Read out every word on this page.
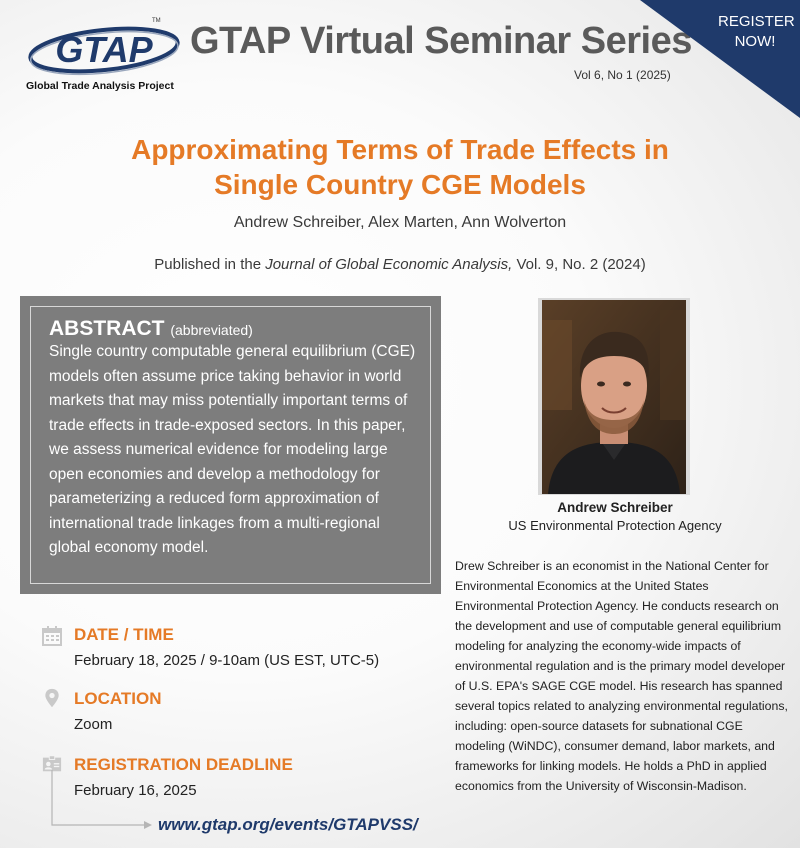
GTAP
TM
Global Trade Analysis Project
GTAP Virtual Seminar Series
Vol 6, No 1 (2025)
REGISTER
NOW!
Approximating Terms of Trade Effects in
Single Country CGE Models
Andrew Schreiber, Alex Marten, Ann Wolverton
Published in the Journal of Global Economic Analysis, Vol. 9, No. 2 (2024)
ABSTRACT (abbreviated)
Single country computable general equilibrium (CGE) models often assume price taking behavior in world markets that may miss potentially important terms of trade effects in trade-exposed sectors. In this paper, we assess numerical evidence for modeling large open economies and develop a methodology for parameterizing a reduced form approximation of international trade linkages from a multi-regional global economy model.
DATE / TIME
February 18, 2025 / 9-10am (US EST, UTC-5)
LOCATION
Zoom
REGISTRATION DEADLINE
February 16, 2025
www.gtap.org/events/GTAPVSS/
Andrew Schreiber
US Environmental Protection Agency
Drew Schreiber is an economist in the National Center for Environmental Economics at the United States Environmental Protection Agency. He conducts research on the development and use of computable general equilibrium modeling for analyzing the economy-wide impacts of environmental regulation and is the primary model developer of U.S. EPA's SAGE CGE model. His research has spanned several topics related to analyzing environmental regulations, including: open-source datasets for subnational CGE modeling (WiNDC), consumer demand, labor markets, and frameworks for linking models. He holds a PhD in applied economics from the University of Wisconsin-Madison.
